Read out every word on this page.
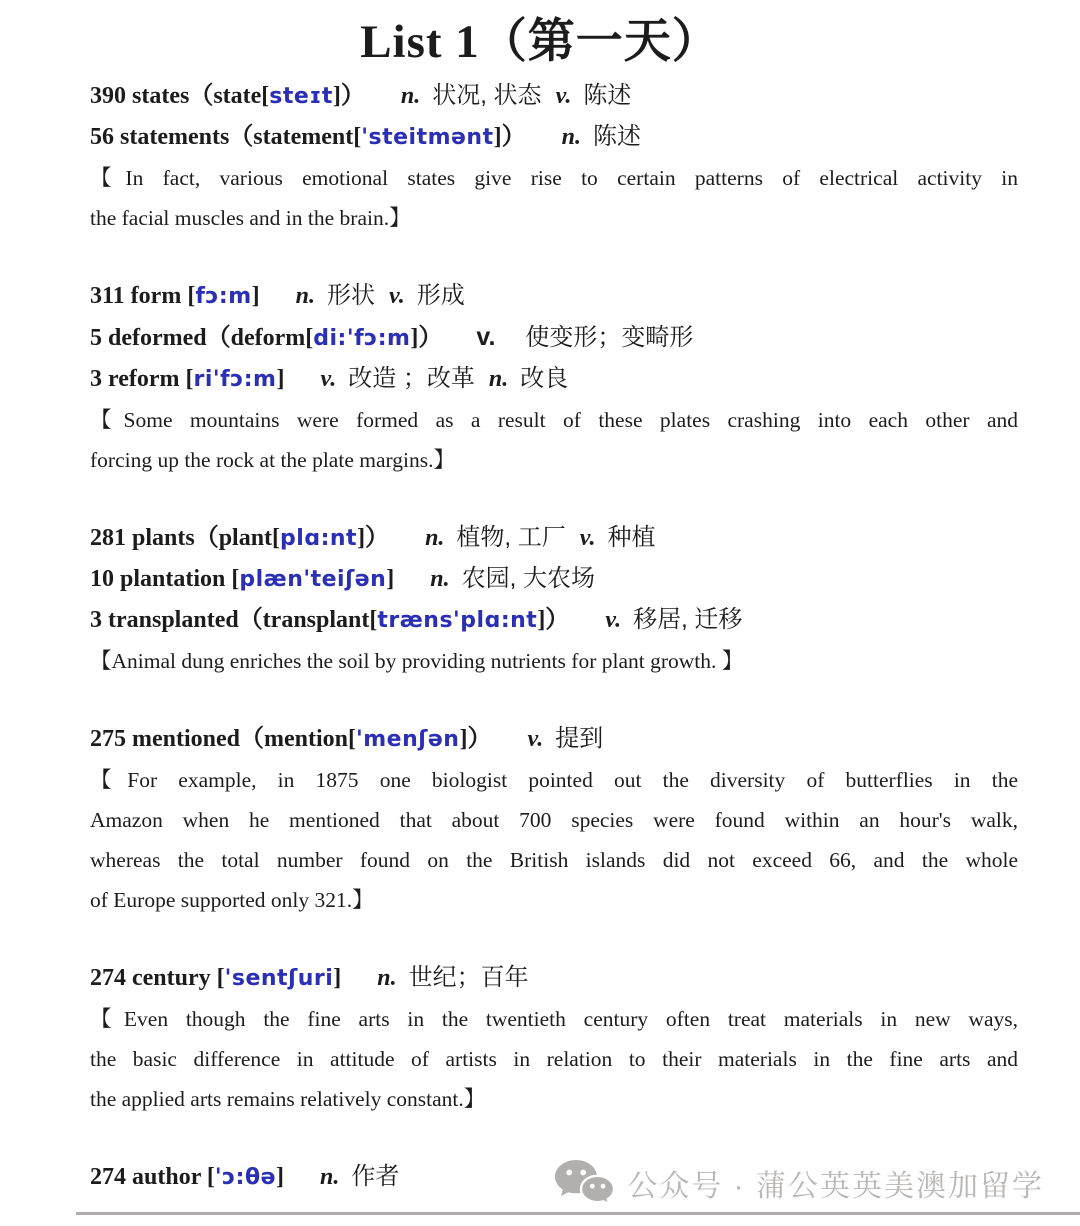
List 1（第一天）
390 states（state[steɪt]） n. 状况, 状态 v. 陈述
56 statements（statement['steitmənt]） n. 陈述
【In fact, various emotional states give rise to certain patterns of electrical activity in
the facial muscles and in the brain.】
311 form [fɔ:m] n. 形状 v. 形成
5 deformed（deform[di:'fɔ:m]） v. 使变形；变畸形
3 reform [ri'fɔ:m] v. 改造 ；改革 n. 改良
【Some mountains were formed as a result of these plates crashing into each other and
forcing up the rock at the plate margins.】
281 plants（plant[plɑ:nt]） n. 植物, 工厂 v. 种植
10 plantation [plæn'teiʃən] n. 农园, 大农场
3 transplanted（transplant[træns'plɑ:nt]） v. 移居, 迁移
【Animal dung enriches the soil by providing nutrients for plant growth. 】
275 mentioned（mention['menʃən]） v. 提到
【For example, in 1875 one biologist pointed out the diversity of butterflies in the
Amazon when he mentioned that about 700 species were found within an hour's walk,
whereas the total number found on the British islands did not exceed 66, and the whole
of Europe supported only 321.】
274 century ['sentʃuri] n. 世纪；百年
【Even though the fine arts in the twentieth century often treat materials in new ways,
the basic difference in attitude of artists in relation to their materials in the fine arts and
the applied arts remains relatively constant.】
274 author ['ɔ:θə] n. 作者	公众号 · 蒲公英英美澳加留学
